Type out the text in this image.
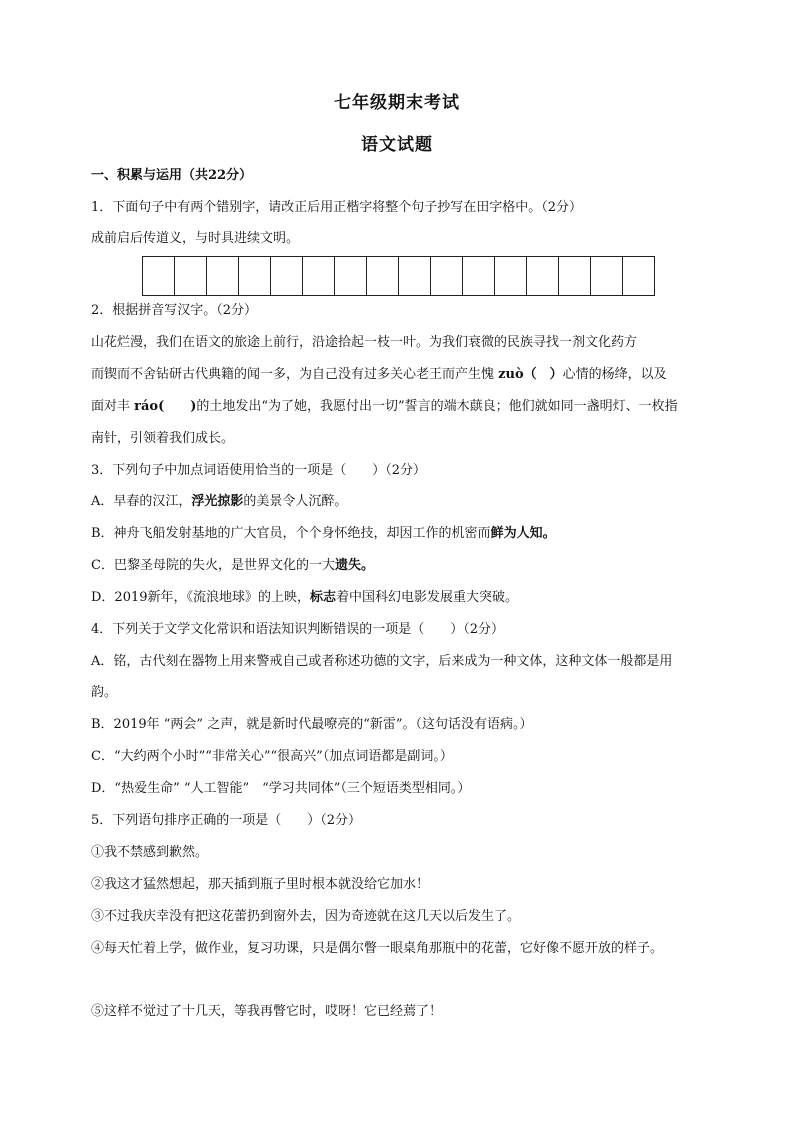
七年级期末考试
语文试题
一、积累与运用（共22分）
1．下面句子中有两个错别字，请改正后用正楷字将整个句子抄写在田字格中。（2分）
成前启后传道义，与时具进续文明。
2．根据拼音写汉字。（2分）
山花烂漫，我们在语文的旅途上前行，沿途拾起一枝一叶。为我们衰微的民族寻找一剂文化药方
而锲而不舍钻研古代典籍的闻一多，为自己没有过多关心老王而产生愧 zuò（　）心情的杨绛，以及
面对丰 ráo(　　)的土地发出“为了她，我愿付出一切”誓言的端木蕻良；他们就如同一盏明灯、一枚指
南针，引领着我们成长。
3．下列句子中加点词语使用恰当的一项是（　　）（2分）
A．早春的汉江，浮光掠影的美景令人沉醉。
B．神舟飞船发射基地的广大官员，个个身怀绝技，却因工作的机密而鲜为人知。
C．巴黎圣母院的失火，是世界文化的一大遗失。
D．2019新年，《流浪地球》的上映，标志着中国科幻电影发展重大突破。
4．下列关于文学文化常识和语法知识判断错误的一项是（　　）（2分）
A．铭，古代刻在器物上用来警戒自己或者称述功德的文字，后来成为一种文体，这种文体一般都是用
韵。
B．2019年 “两会” 之声，就是新时代最嘹亮的“新雷”。（这句话没有语病。）
C．“大约两个小时”“非常关心”“很高兴”（加点词语都是副词。）
D．“热爱生命” “人工智能”　“学习共同体”（三个短语类型相同。）
5．下列语句排序正确的一项是（　　）（2分）
①我不禁感到歉然。
②我这才猛然想起，那天插到瓶子里时根本就没给它加水！
③不过我庆幸没有把这花蕾扔到窗外去，因为奇迹就在这几天以后发生了。
④每天忙着上学，做作业，复习功课，只是偶尔瞥一眼桌角那瓶中的花蕾，它好像不愿开放的样子。
⑤这样不觉过了十几天，等我再瞥它时，哎呀！它已经蔫了！
